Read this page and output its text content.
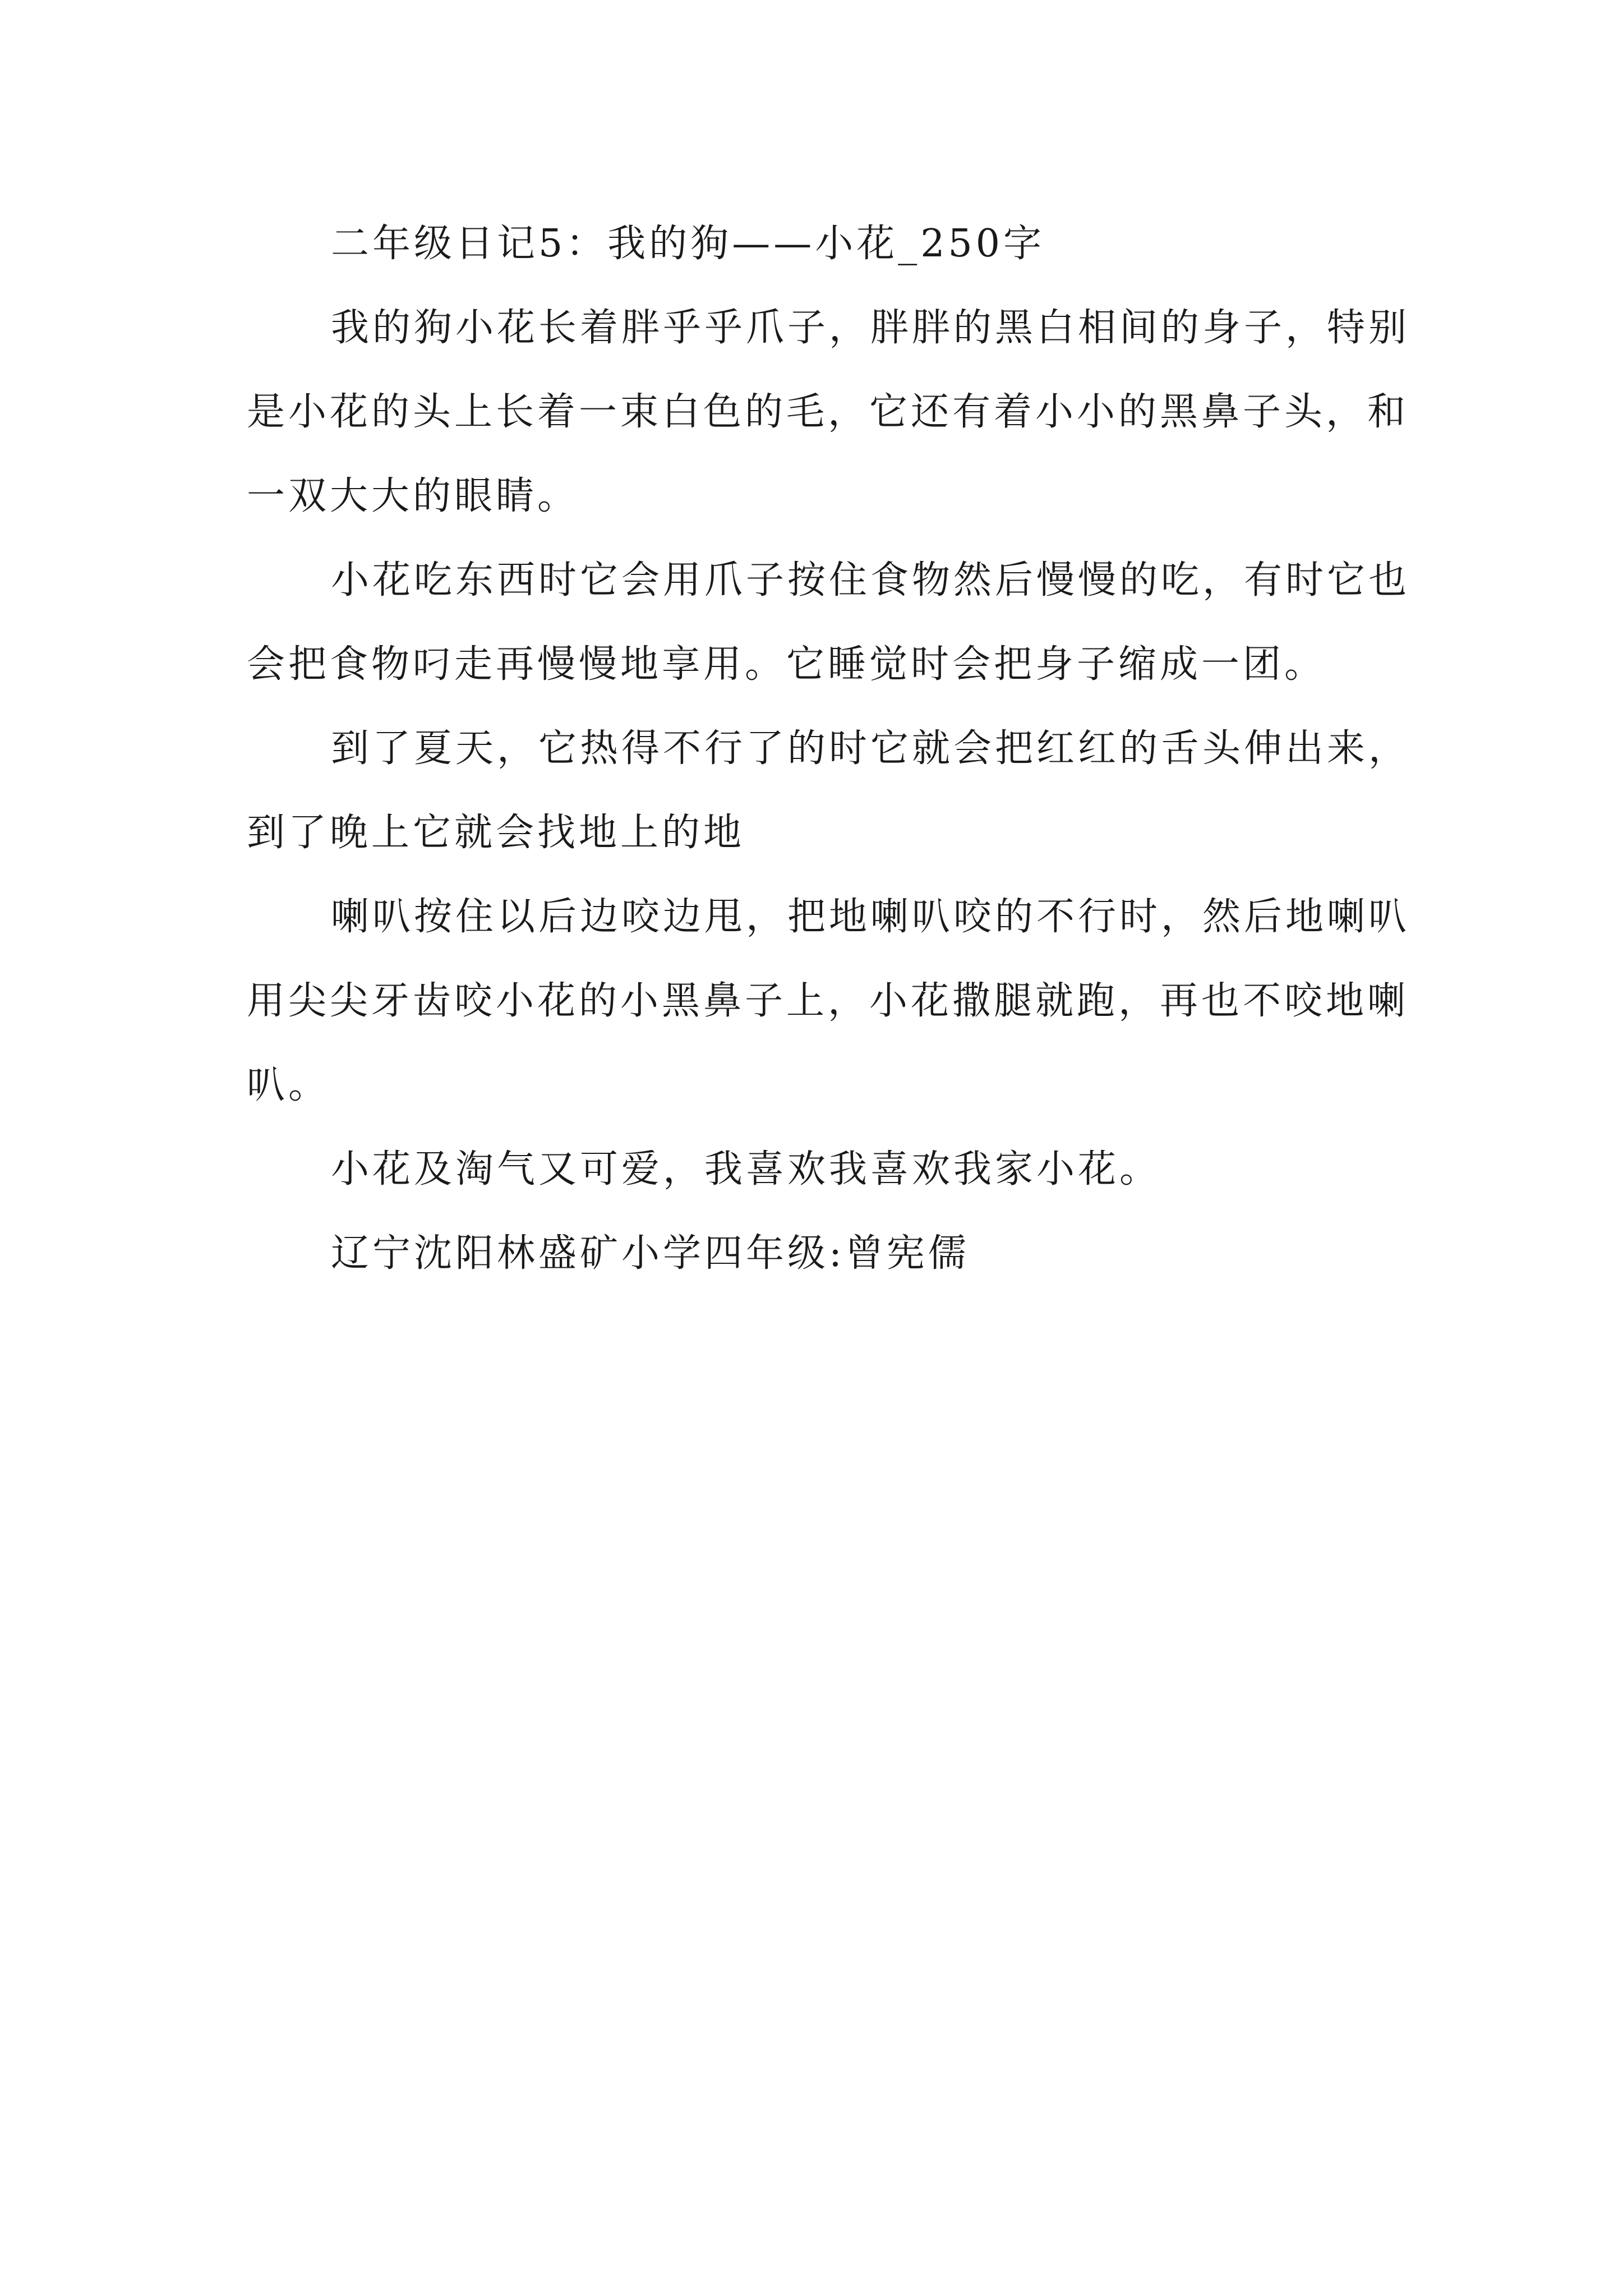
二年级日记5：我的狗——小花_250字

我的狗小花长着胖乎乎爪子，胖胖的黑白相间的身子，特别是小花的头上长着一束白色的毛，它还有着小小的黑鼻子头，和一双大大的眼睛。

小花吃东西时它会用爪子按住食物然后慢慢的吃，有时它也会把食物叼走再慢慢地享用。它睡觉时会把身子缩成一团。

到了夏天，它热得不行了的时它就会把红红的舌头伸出来，到了晚上它就会找地上的地

喇叭按住以后边咬边甩，把地喇叭咬的不行时，然后地喇叭用尖尖牙齿咬小花的小黑鼻子上，小花撒腿就跑，再也不咬地喇叭。

小花及淘气又可爱，我喜欢我喜欢我家小花。

辽宁沈阳林盛矿小学四年级:曾宪儒
